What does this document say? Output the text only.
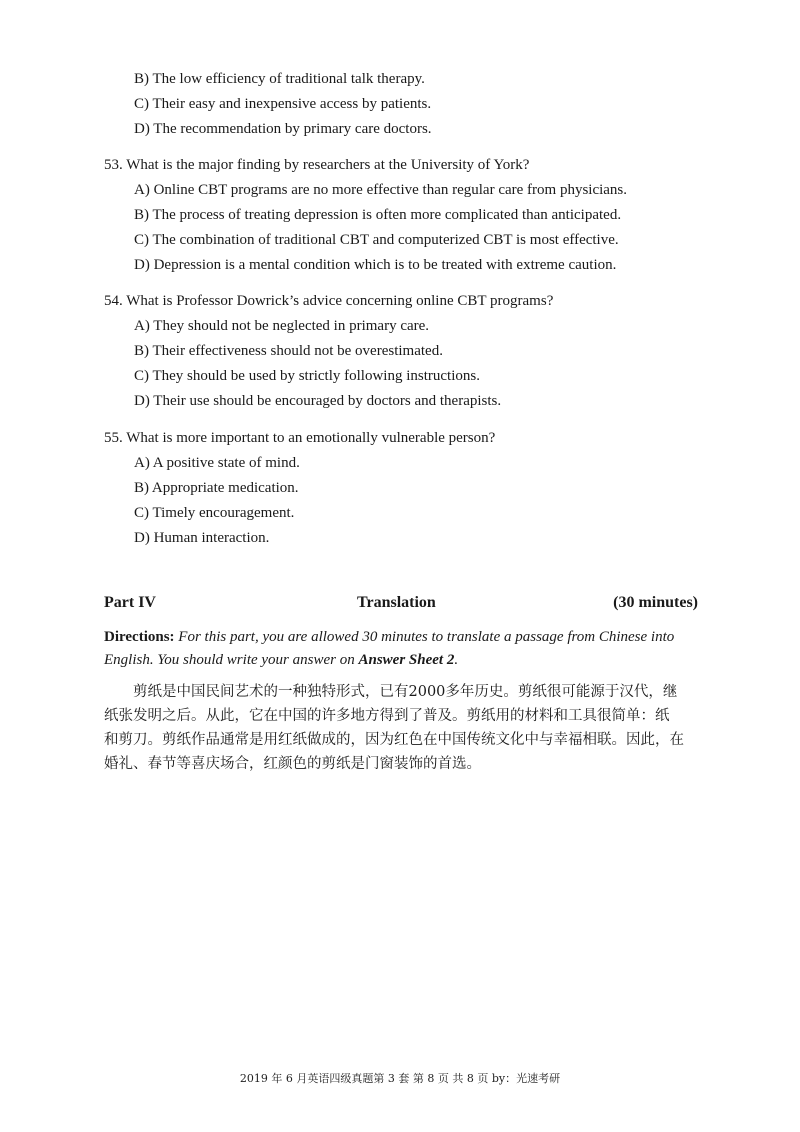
B) The low efficiency of traditional talk therapy.
C) Their easy and inexpensive access by patients.
D) The recommendation by primary care doctors.
53. What is the major finding by researchers at the University of York?
A) Online CBT programs are no more effective than regular care from physicians.
B) The process of treating depression is often more complicated than anticipated.
C) The combination of traditional CBT and computerized CBT is most effective.
D) Depression is a mental condition which is to be treated with extreme caution.
54. What is Professor Dowrick’s advice concerning online CBT programs?
A) They should not be neglected in primary care.
B) Their effectiveness should not be overestimated.
C) They should be used by strictly following instructions.
D) Their use should be encouraged by doctors and therapists.
55. What is more important to an emotionally vulnerable person?
A) A positive state of mind.
B) Appropriate medication.
C) Timely encouragement.
D) Human interaction.
Part IV	Translation	(30 minutes)
Directions: For this part, you are allowed 30 minutes to translate a passage from Chinese into English. You should write your answer on Answer Sheet 2.
剪纸是中国民间艺术的一种独特形式，已有2000多年历史。剪纸很可能源于汉代，继
纸张发明之后。从此，它在中国的许多地方得到了普及。剪纸用的材料和工具很简单：纸
和剪刀。剪纸作品通常是用红纸做成的，因为红色在中国传统文化中与幸福相联。因此，在
婚礼、春节等喜庆场合，红颜色的剪纸是门窗装饰的首选。
2019 年 6 月英语四级真题第 3 套 第 8 页 共 8 页 by：光速考研
